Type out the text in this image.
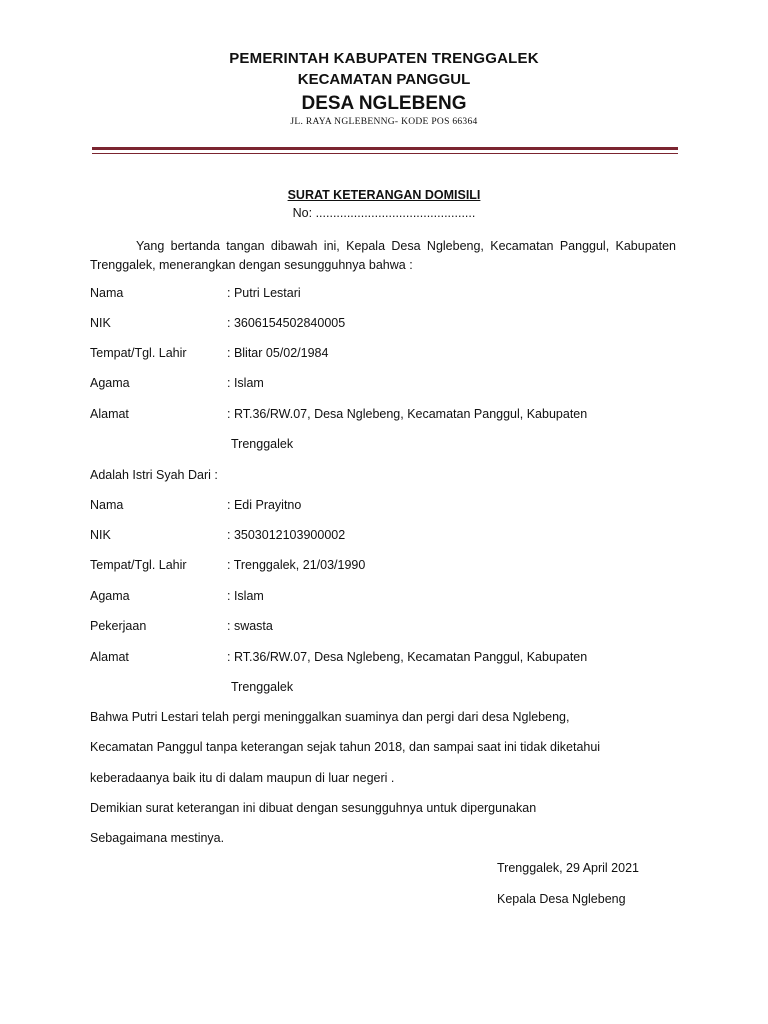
PEMERINTAH KABUPATEN TRENGGALEK
KECAMATAN PANGGUL
DESA NGLEBENG
JL. RAYA NGLEBENNG- KODE POS 66364
SURAT KETERANGAN DOMISILI
No: ..............................................
Yang bertanda tangan dibawah ini, Kepala Desa Nglebeng, Kecamatan Panggul, Kabupaten Trenggalek, menerangkan dengan sesungguhnya bahwa :
Nama	: Putri Lestari
NIK	: 3606154502840005
Tempat/Tgl. Lahir	: Blitar 05/02/1984
Agama	: Islam
Alamat	: RT.36/RW.07, Desa Nglebeng, Kecamatan Panggul, Kabupaten
Trenggalek
Adalah Istri Syah Dari :
Nama	: Edi Prayitno
NIK	: 3503012103900002
Tempat/Tgl. Lahir	: Trenggalek, 21/03/1990
Agama	: Islam
Pekerjaan	: swasta
Alamat	: RT.36/RW.07, Desa Nglebeng, Kecamatan Panggul, Kabupaten
Trenggalek
Bahwa Putri Lestari telah pergi meninggalkan suaminya dan pergi dari desa Nglebeng,
Kecamatan Panggul tanpa keterangan sejak tahun 2018, dan sampai saat ini tidak diketahui
keberadaanya baik itu di dalam maupun di luar negeri .
Demikian surat keterangan ini dibuat dengan sesungguhnya untuk dipergunakan
Sebagaimana mestinya.
Trenggalek, 29 April 2021
Kepala Desa Nglebeng
